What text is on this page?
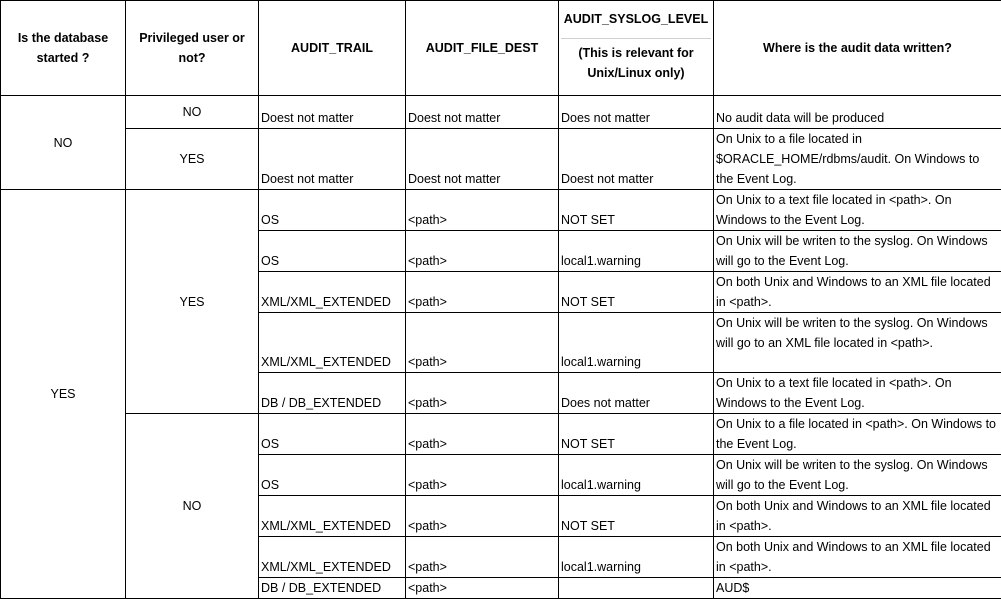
Is the database started ?	Privileged user or not?	AUDIT_TRAIL	AUDIT_FILE_DEST	AUDIT_SYSLOG_LEVEL
(This is relevant for Unix/Linux only)	Where is the audit data written?
NO	NO	Doest not matter	Doest not matter	Does not matter	No audit data will be produced
	YES	Doest not matter	Doest not matter	Doest not matter	On Unix to a file located in $ORACLE_HOME/rdbms/audit. On Windows to the Event Log.
YES	YES	OS	<path>	NOT SET	On Unix to a text file located in <path>. On Windows to the Event Log.
		OS	<path>	local1.warning	On Unix will be writen to the syslog. On Windows will go to the Event Log.
		XML/XML_EXTENDED	<path>	NOT SET	On both Unix and Windows to an XML file located in <path>.
		XML/XML_EXTENDED	<path>	local1.warning	On Unix will be writen to the syslog. On Windows will go to an XML file located in <path>.
		DB / DB_EXTENDED	<path>	Does not matter	On Unix to a text file located in <path>. On Windows to the Event Log.
	NO	OS	<path>	NOT SET	On Unix to a file located in <path>. On Windows to the Event Log.
		OS	<path>	local1.warning	On Unix will be writen to the syslog. On Windows will go to the Event Log.
		XML/XML_EXTENDED	<path>	NOT SET	On both Unix and Windows to an XML file located in <path>.
		XML/XML_EXTENDED	<path>	local1.warning	On both Unix and Windows to an XML file located in <path>.
		DB / DB_EXTENDED	<path>		AUD$
